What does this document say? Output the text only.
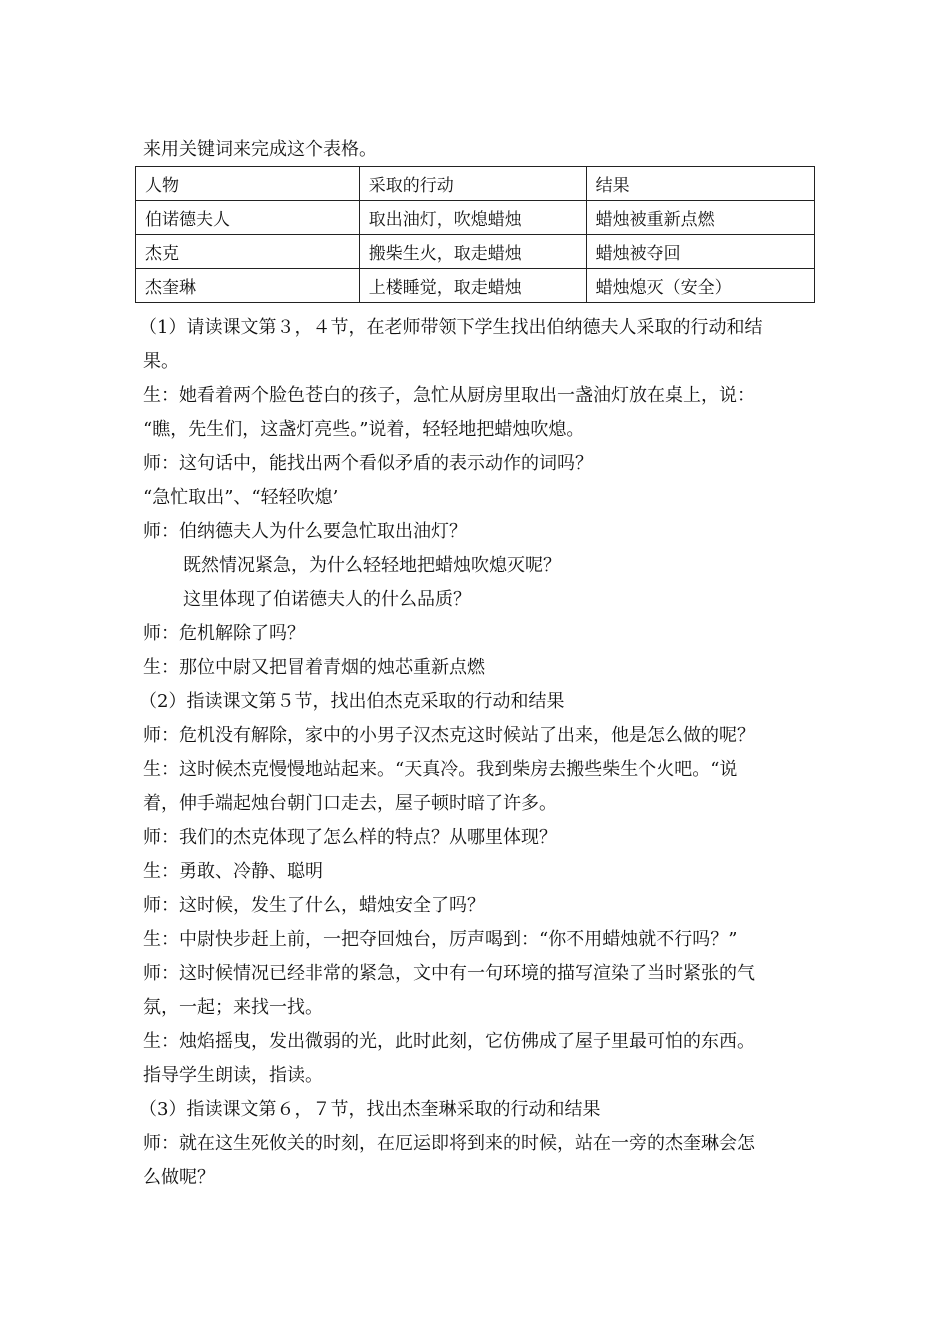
来用关键词来完成这个表格。
人物	采取的行动	结果
伯诺德夫人	取出油灯，吹熄蜡烛	蜡烛被重新点燃
杰克	搬柴生火，取走蜡烛	蜡烛被夺回
杰奎琳	上楼睡觉，取走蜡烛	蜡烛熄灭（安全）
（1）请读课文第３，４节，在老师带领下学生找出伯纳德夫人采取的行动和结
果。
生：她看着两个脸色苍白的孩子，急忙从厨房里取出一盏油灯放在桌上，说：
“瞧，先生们，这盏灯亮些。”说着，轻轻地把蜡烛吹熄。
师：这句话中，能找出两个看似矛盾的表示动作的词吗？
“急忙取出”、“轻轻吹熄’
师：伯纳德夫人为什么要急忙取出油灯？
既然情况紧急，为什么轻轻地把蜡烛吹熄灭呢？
这里体现了伯诺德夫人的什么品质？
师：危机解除了吗？
生：那位中尉又把冒着青烟的烛芯重新点燃
（2）指读课文第５节，找出伯杰克采取的行动和结果
师：危机没有解除，家中的小男子汉杰克这时候站了出来，他是怎么做的呢？
生：这时候杰克慢慢地站起来。“天真冷。我到柴房去搬些柴生个火吧。“说
着，伸手端起烛台朝门口走去，屋子顿时暗了许多。
师：我们的杰克体现了怎么样的特点？从哪里体现？
生：勇敢、冷静、聪明
师：这时候，发生了什么，蜡烛安全了吗？
生：中尉快步赶上前，一把夺回烛台，厉声喝到：“你不用蜡烛就不行吗？”
师：这时候情况已经非常的紧急，文中有一句环境的描写渲染了当时紧张的气
氛，一起；来找一找。
生：烛焰摇曳，发出微弱的光，此时此刻，它仿佛成了屋子里最可怕的东西。
指导学生朗读，指读。
（3）指读课文第６，７节，找出杰奎琳采取的行动和结果
师：就在这生死攸关的时刻，在厄运即将到来的时候，站在一旁的杰奎琳会怎
么做呢？
